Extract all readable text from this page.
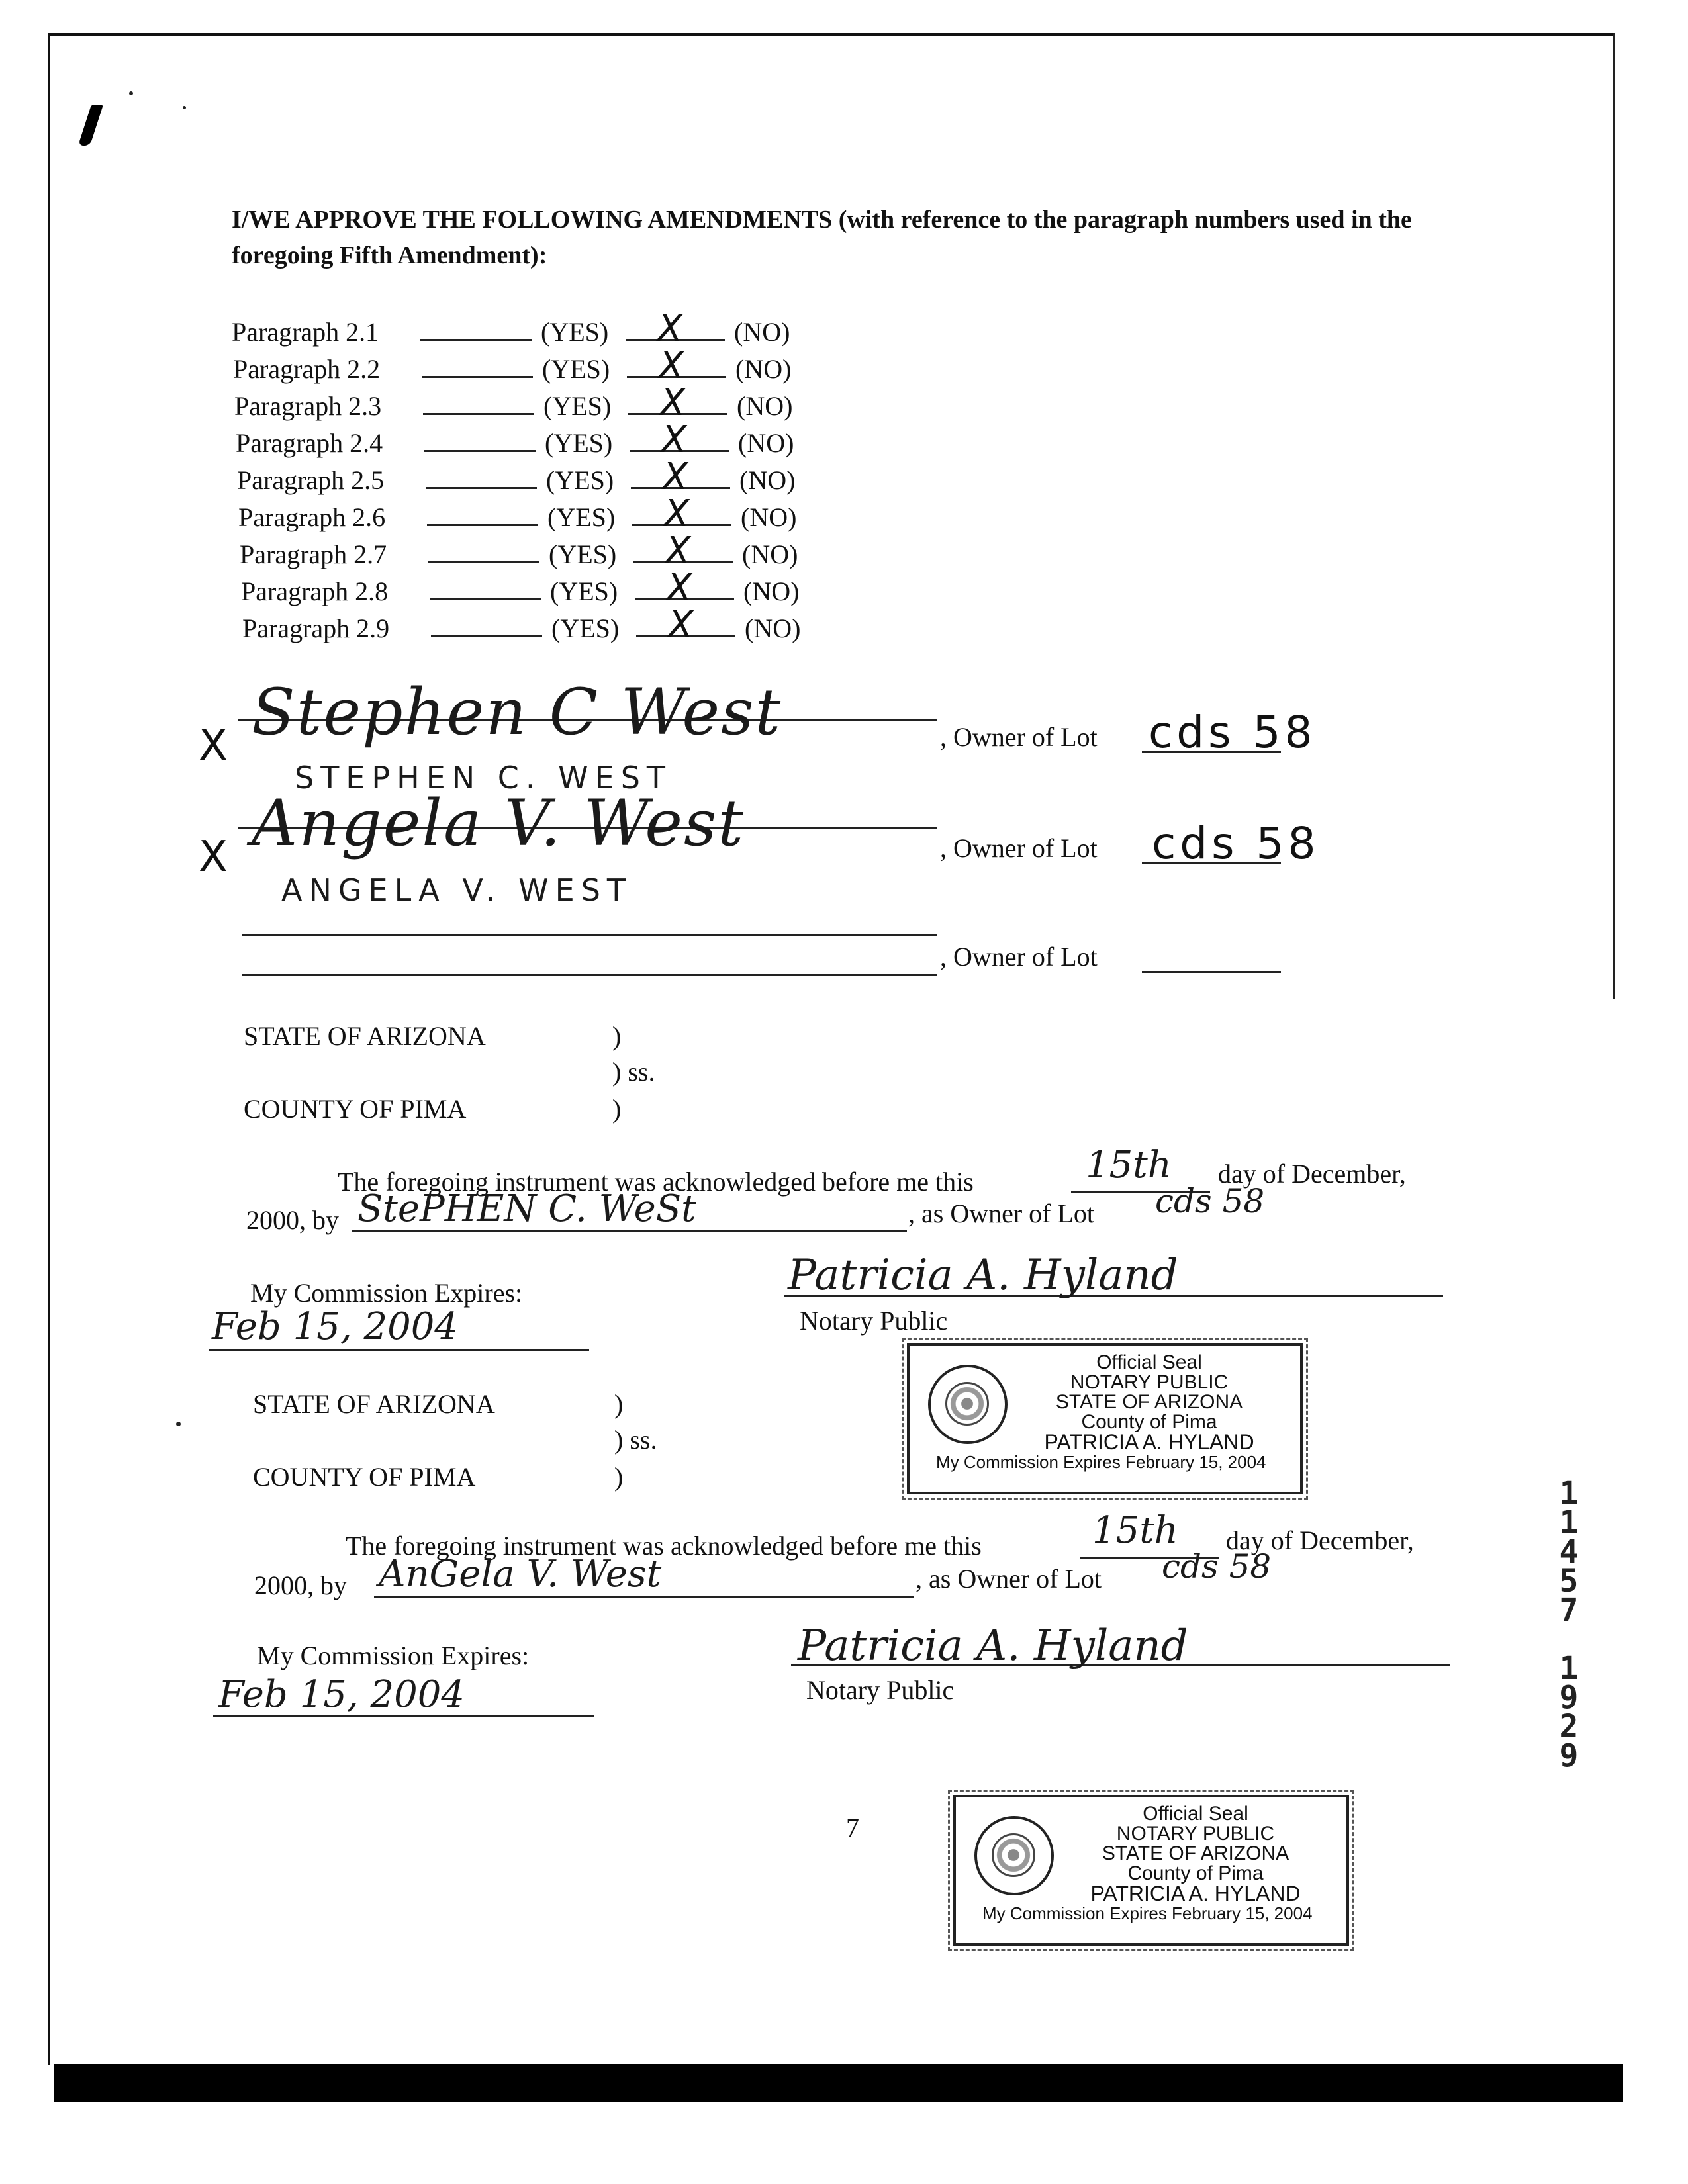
I/WE APPROVE THE FOLLOWING AMENDMENTS (with reference to the paragraph numbers used in the foregoing Fifth Amendment):
Paragraph 2.1	(YES) X (NO)
Paragraph 2.2	(YES) X (NO)
Paragraph 2.3	(YES) X (NO)
Paragraph 2.4	(YES) X (NO)
Paragraph 2.5	(YES) X (NO)
Paragraph 2.6	(YES) X (NO)
Paragraph 2.7	(YES) X (NO)
Paragraph 2.8	(YES) X (NO)
Paragraph 2.9	(YES) X (NO)
X Stephen C West
STEPHEN C. WEST
, Owner of Lot cds 58
X Angela V. West
ANGELA V. WEST
, Owner of Lot cds 58
, Owner of Lot
STATE OF ARIZONA	)
) ss.
COUNTY OF PIMA	)
The foregoing instrument was acknowledged before me this	15th day of December,
2000, by StePHEN C. WeSt	, as Owner of Lot cds 58
My Commission Expires:
Feb 15, 2004
Patricia A. Hyland
Notary Public
Official Seal
NOTARY PUBLIC
STATE OF ARIZONA
County of Pima
PATRICIA A. HYLAND
My Commission Expires February 15, 2004
STATE OF ARIZONA	)
) ss.
COUNTY OF PIMA	)
The foregoing instrument was acknowledged before me this	15th day of December,
2000, by AnGela V. West	, as Owner of Lot cds 58
My Commission Expires:
Feb 15, 2004
Patricia A. Hyland
Notary Public
Official Seal
NOTARY PUBLIC
STATE OF ARIZONA
County of Pima
PATRICIA A. HYLAND
My Commission Expires February 15, 2004
7
1
1
4
5
7
1
9
2
9
